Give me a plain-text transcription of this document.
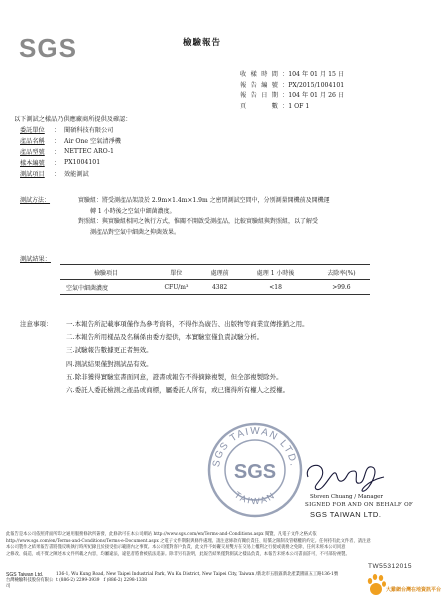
SGS	檢驗報告
收樣時間 ： 104 年 01 月 15 日
報告編號 ： PX/2015/1004101
報告日期 ： 104 年 01 月 26 日
頁 數 ： 1 OF 1
以下測試之樣品乃供應廠商所提供及確認：
委託單位	： 聞碩科技有限公司
產品名稱	： Air One 空氣清淨機
產品型號	： NETTEC ARO-1
樣本編號	： PX1004101
測試項目	： 效能測試
測試方法：	實驗組：將受測產品架設於 2.9m×1.4m×1.9m 之密閉測試空間中，分別測量開機前及開機運
轉 1 小時後之空氣中細菌濃度。
對照組：與實驗組相同之執行方式，惟關不開啟受測產品，比較實驗組與對照組，以了解受
測產品對空氣中細菌之抑菌效果。
測試結果：
檢驗項目	單位	處理前	處理 1 小時後	去除率(%)
空氣中細菌濃度	CFU/m³	4382	<18	>99.6
注意事項： 一.本報告所記載事項僅作為參考資料，不得作為廣告、出版物等商業宣傳推銷之用。
二.本報告所用樣品及名稱係由委方提供，本實驗室僅負責試驗分析。
三.試驗報告數據更正者無效。
四.測試結果僅對測試品有效。
五.除非獲得實驗室書面同意，證書或報告不得摘錄複製，但全部複製除外。
六.委託人委託檢測之產品或商標，屬委託人所有，或已獲得所有權人之授權。
SGS TAIWAN LTD.
TAIWAN
SGS
Steven Chuang / Manager
SIGNED FOR AND ON BEHALF OF
SGS TAIWAN LTD.
此報告是本公司依照背面所印之通用服務條款所簽發，此條款可在本公司網站 http://www.sgs.com/en/Terms-and-Conditions.aspx 閱覽，凡電子文件之格式依
http://www.sgs.com/en/Terms-and-Conditions/Terms-e-Document.aspx 之電子文件期限與條件處理。請注意條款有關於責任、賠償之限制及管轄權的約定。任何持有此文件者，請注意
本公司製作之結果報告書將僅反映執行時所紀錄且於接受指示範圍內之事實。本公司僅對客戶負責，此文件不妨礙交易雙方在交易上權利之行使或義務之免除，任何未經本公司同意
之修改、僞造、或不實之陳述本文件所載之內容，均屬違法，違犯者將會被依法追訴。除非另有說明，此報告結果僅對測試之樣品負責，本報告未經本公司書面許可，不可部份複製。
SGS Taiwan Ltd.
台灣檢驗科技股份有限公司
136-1, Wu Kung Road, New Taipei Industrial Park, Wu Ku District, New Taipei City, Taiwan /新北市五股區新北產業園區五工路136-1號
t (886-2) 2299-3939 f (886-2) 2298-1338
TW55312015
大雞網台灣在地資訊平台
